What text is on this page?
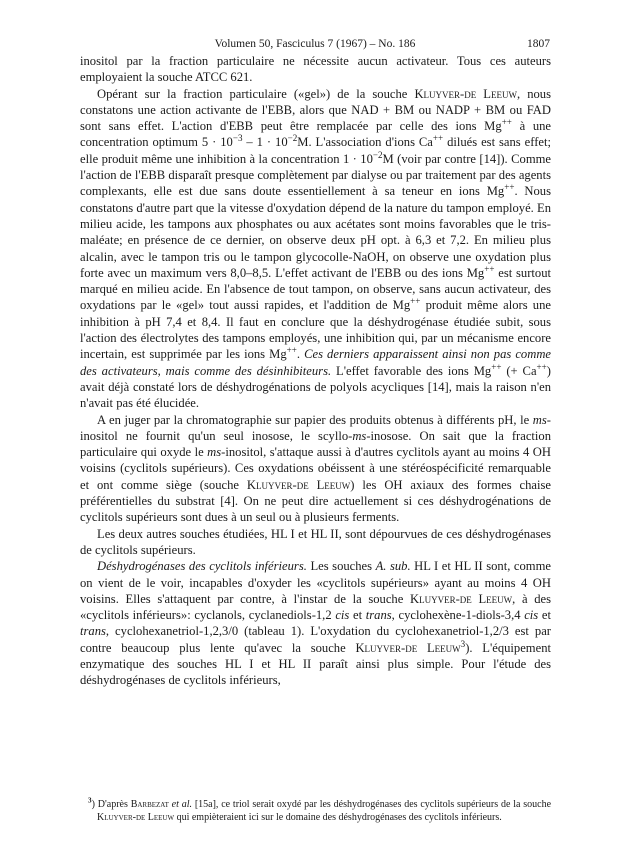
Volumen 50, Fasciculus 7 (1967) – No. 186	1807

inositol par la fraction particulaire ne nécessite aucun activateur. Tous ces auteurs employaient la souche ATCC 621.

Opérant sur la fraction particulaire («gel») de la souche Kluyver-de Leeuw, nous constatons une action activante de l'EBB, alors que NAD + BM ou NADP + BM ou FAD sont sans effet. L'action d'EBB peut être remplacée par celle des ions Mg++ à une concentration optimum $5 \cdot 10^{-3} - 1 \cdot 10^{-2}M$. L'association d'ions Ca++ dilués est sans effet; elle produit même une inhibition à la concentration $1 \cdot 10^{-2}M$ (voir par contre [14]). Comme l'action de l'EBB disparaît presque complètement par dialyse ou par traitement par des agents complexants, elle est due sans doute essentiellement à sa teneur en ions Mg++. Nous constatons d'autre part que la vitesse d'oxydation dépend de la nature du tampon employé. En milieu acide, les tampons aux phosphates ou aux acétates sont moins favorables que le tris-maléate; en présence de ce dernier, on observe deux pH opt. à 6,3 et 7,2. En milieu plus alcalin, avec le tampon tris ou le tampon glycocolle-NaOH, on observe une oxydation plus forte avec un maximum vers 8,0–8,5. L'effet activant de l'EBB ou des ions Mg++ est surtout marqué en milieu acide. En l'absence de tout tampon, on observe, sans aucun activateur, des oxydations par le «gel» tout aussi rapides, et l'addition de Mg++ produit même alors une inhibition à pH 7,4 et 8,4. Il faut en conclure que la déshydrogénase étudiée subit, sous l'action des électrolytes des tampons employés, une inhibition qui, par un mécanisme encore incertain, est supprimée par les ions Mg++. Ces derniers apparaissent ainsi non pas comme des activateurs, mais comme des désinhibiteurs. L'effet favorable des ions Mg++ (+ Ca++) avait déjà constaté lors de déshydrogénations de polyols acycliques [14], mais la raison n'en n'avait pas été élucidée.

A en juger par la chromatographie sur papier des produits obtenus à différents pH, le ms-inositol ne fournit qu'un seul inosose, le scyllo-ms-inosose. On sait que la fraction particulaire qui oxyde le ms-inositol, s'attaque aussi à d'autres cyclitols ayant au moins 4 OH voisins (cyclitols supérieurs). Ces oxydations obéissent à une stéréospécificité remarquable et ont comme siège (souche Kluyver-de Leeuw) les OH axiaux des formes chaise préférentielles du substrat [4]. On ne peut dire actuellement si ces déshydrogénations de cyclitols supérieurs sont dues à un seul ou à plusieurs ferments.

Les deux autres souches étudiées, HL I et HL II, sont dépourvues de ces déshydrogénases de cyclitols supérieurs.

Déshydrogénases des cyclitols inférieurs. Les souches A. sub. HL I et HL II sont, comme on vient de le voir, incapables d'oxyder les «cyclitols supérieurs» ayant au moins 4 OH voisins. Elles s'attaquent par contre, à l'instar de la souche Kluyver-de Leeuw, à des «cyclitols inférieurs»: cyclanols, cyclanediols-1,2 cis et trans, cyclohexène-1-diols-3,4 cis et trans, cyclohexanetriol-1,2,3/0 (tableau 1). L'oxydation du cyclohexanetriol-1,2/3 est par contre beaucoup plus lente qu'avec la souche Kluyver-de Leeuw$^3$). L'équipement enzymatique des souches HL I et HL II paraît ainsi plus simple. Pour l'étude des déshydrogénases de cyclitols inférieurs,

$^3$) D'après Barbezat et al. [15a], ce triol serait oxydé par les déshydrogénases des cyclitols supérieurs de la souche Kluyver-de Leeuw qui empièteraient ici sur le domaine des déshydrogénases des cyclitols inférieurs.
